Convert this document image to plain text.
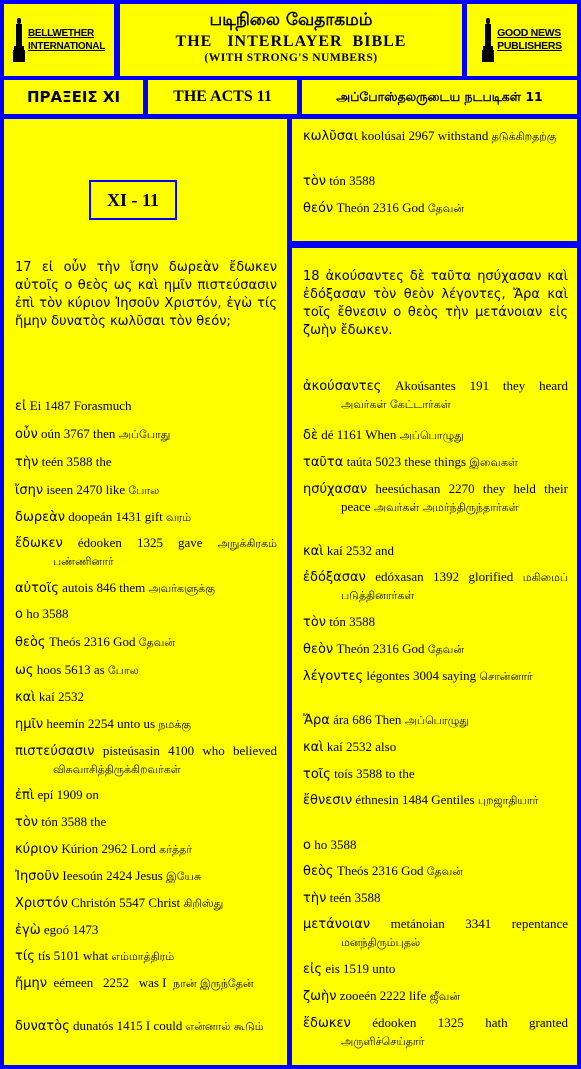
BELLWETHER
INTERNATIONAL
படிநிலை வேதாகமம்
THE   INTERLAYER  BIBLE
(WITH STRONG'S NUMBERS)
GOOD NEWS
PUBLISHERS
ΠΡΑΞΕΙΣ XI	THE ACTS 11	அப்போஸ்தலருடைய நடபடிகள் 11
XI - 11
17 εἰ οὖν τὴν ἴσην δωρεὰν ἔδωκεν αὐτοῖς ο θεὸς ως καὶ ημῖν πιστεύσασιν ἐπὶ τὸν κύριον Ἰησοῦν Χριστόν, ἐγὼ τίς ἤμην δυνατὸς κωλῦσαι τὸν θεόν;
εἰ Ei 1487 Forasmuch
οὖν oún 3767 then அப்போது
τὴν teén 3588 the
ἴσην iseen 2470 like போல
δωρεὰν doореán 1431 gift வரம்
ἔδωκεν édooken 1325 gave அநுக்கிரகம் பண்ணினார்
αὐτοῖς autois 846 them அவர்களுக்கு
ο ho 3588
θεὸς Theós 2316 God தேவன்
ως hoos 5613 as போல
καὶ kaí 2532
ημῖν heemín 2254 unto us நமக்கு
πιστεύσασιν pisteúsasin 4100 who believed விசுவாசித்திருக்கிறவர்கள்
ἐπὶ epí 1909 on
τὸν tón 3588 the
κύριον Kúrion 2962 Lord கர்த்தர்
Ἰησοῦν Ieesoún 2424 Jesus இயேசு
Χριστόν Christón 5547 Christ கிறிஸ்து
ἐγὼ egoó 1473
τίς tís 5101 what எம்மாத்திரம்
ἤμην eémeen   2252   was I நான் இருந்தேன்
δυνατὸς dunatós 1415 I could என்னால் கூடும்
κωλῦσαι koolúsai 2967 withstand தடுக்கிறதற்கு
τὸν tón 3588
θεόν Theón 2316 God தேவன்
18 ἀκούσαντες δὲ ταῦτα ησύχασαν καὶ ἐδόξασαν τὸν θεὸν λέγοντες, Ἄρα καὶ τοῖς ἔθνεσιν ο θεὸς τὴν μετάνοιαν εἰς ζωὴν ἔδωκεν.
ἀκούσαντες Akoúsantes 191 they heard அவர்கள் கேட்டார்கள்
δὲ dé 1161 When அப்பொழுது
ταῦτα taúta 5023 these things இவைகள்
ησύχασαν heesúchasan 2270 they held their peace அவர்கள் அமர்ந்திருந்தார்கள்
καὶ kaí 2532 and
ἐδόξασαν edóxasan 1392 glorified மகிமைப் படுத்தினார்கள்
τὸν tón 3588
θεὸν Theón 2316 God தேவன்
λέγοντες légontes 3004 saying சொன்னார்
Ἄρα ára 686 Then அப்பொழுது
καὶ kaí 2532 also
τοῖς toís 3588 to the
ἔθνεσιν éthnesin 1484 Gentiles புறஜாதியார்
ο ho 3588
θεὸς Theós 2316 God தேவன்
τὴν teén 3588
μετάνοιαν metánoian 3341 repentance மனந்திரும்புதல்
εἰς eis 1519 unto
ζωὴν zooeén 2222 life ஜீவன்
ἔδωκεν édooken 1325 hath granted அருளிச்செய்தார்
